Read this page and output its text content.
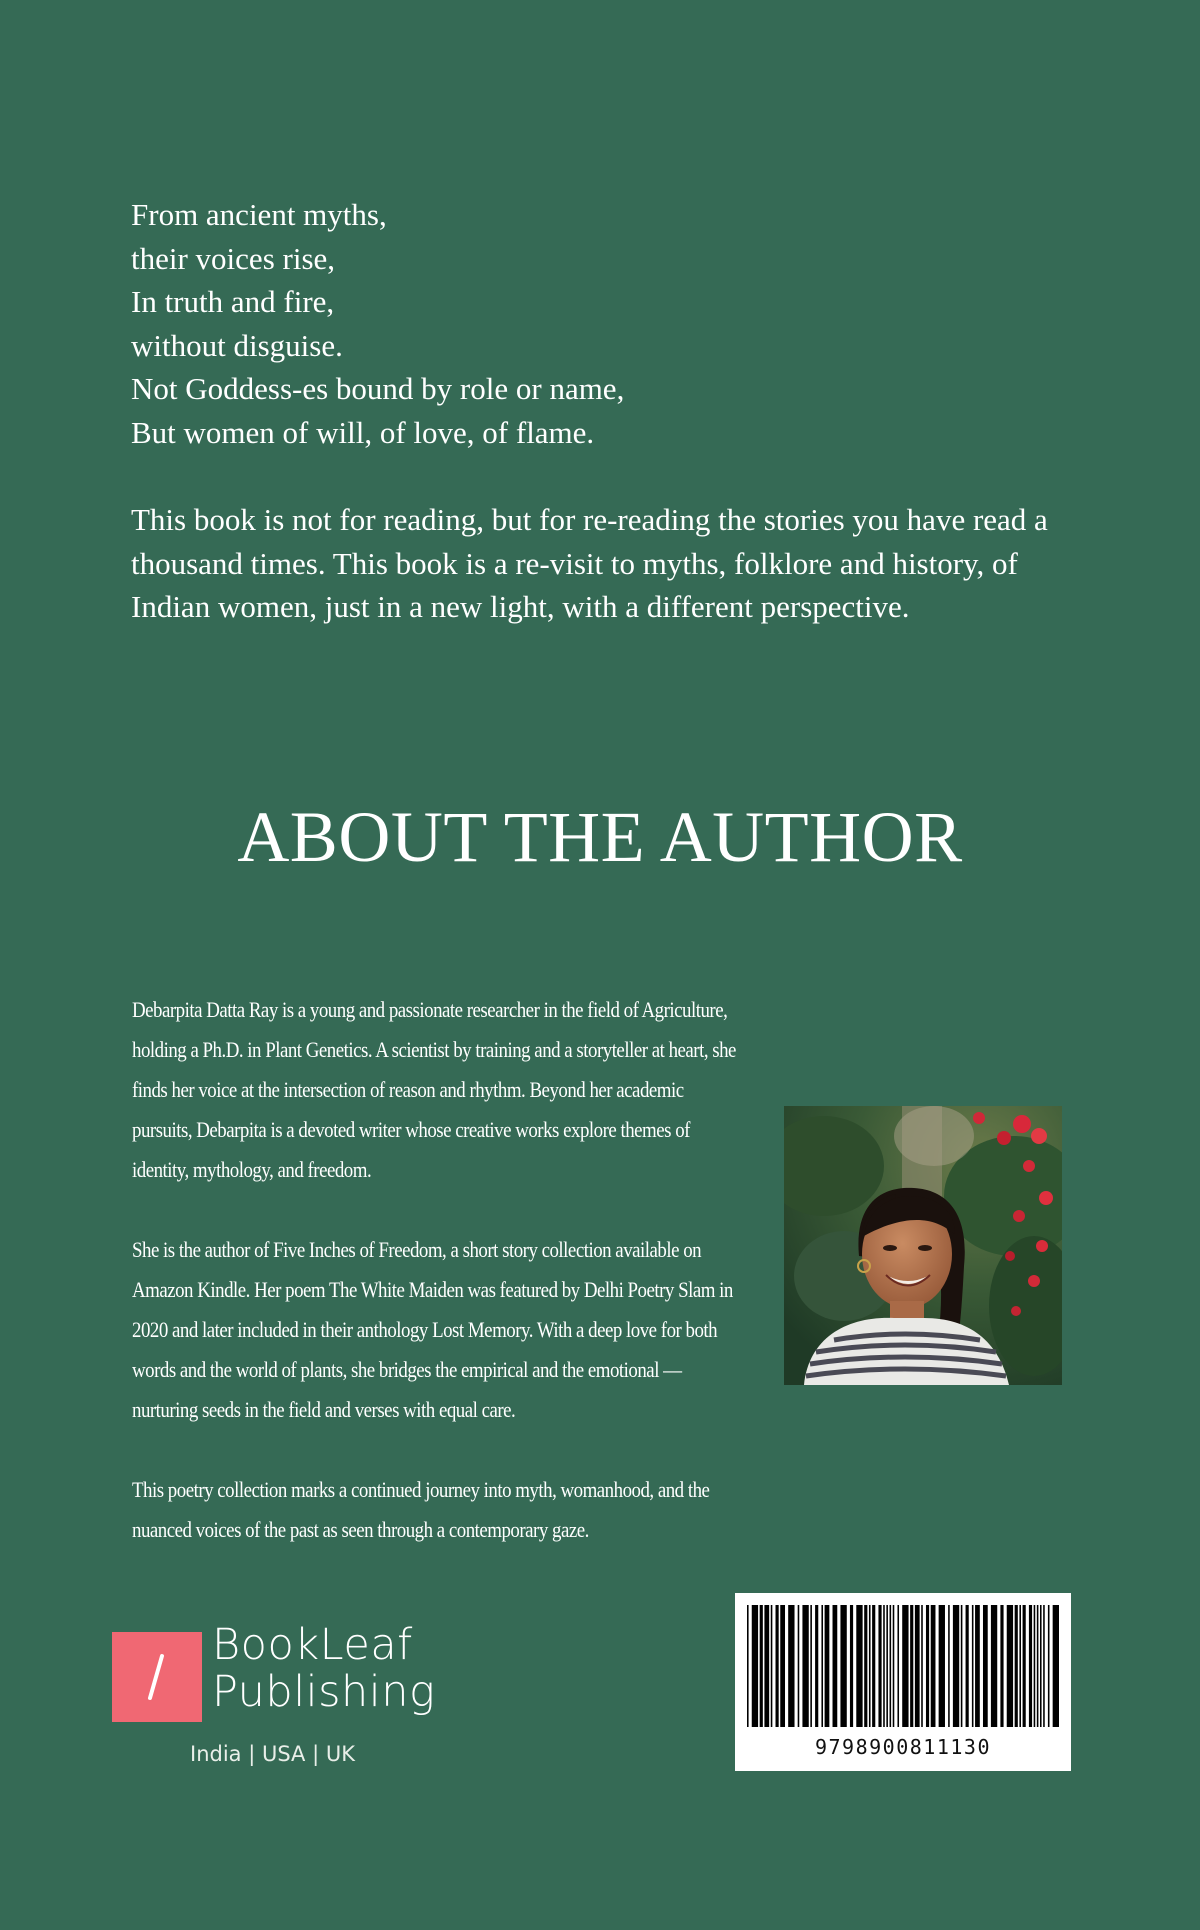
From ancient myths,
their voices rise,
In truth and fire,
without disguise.
Not Goddess-es bound by role or name,
But women of will, of love, of flame.
This book is not for reading, but for re-reading the stories you have read a thousand times. This book is a re-visit to myths, folklore and history, of Indian women, just in a new light, with a different perspective.
ABOUT THE AUTHOR

Debarpita Datta Ray is a young and passionate researcher in the field of Agriculture, holding a Ph.D. in Plant Genetics. A scientist by training and a storyteller at heart, she finds her voice at the intersection of reason and rhythm. Beyond her academic pursuits, Debarpita is a devoted writer whose creative works explore themes of identity, mythology, and freedom.

She is the author of Five Inches of Freedom, a short story collection available on Amazon Kindle. Her poem The White Maiden was featured by Delhi Poetry Slam in 2020 and later included in their anthology Lost Memory. With a deep love for both words and the world of plants, she bridges the empirical and the emotional — nurturing seeds in the field and verses with equal care.

This poetry collection marks a continued journey into myth, womanhood, and the nuanced voices of the past as seen through a contemporary gaze.

BookLeaf
Publishing
India | USA | UK	9798900811130
